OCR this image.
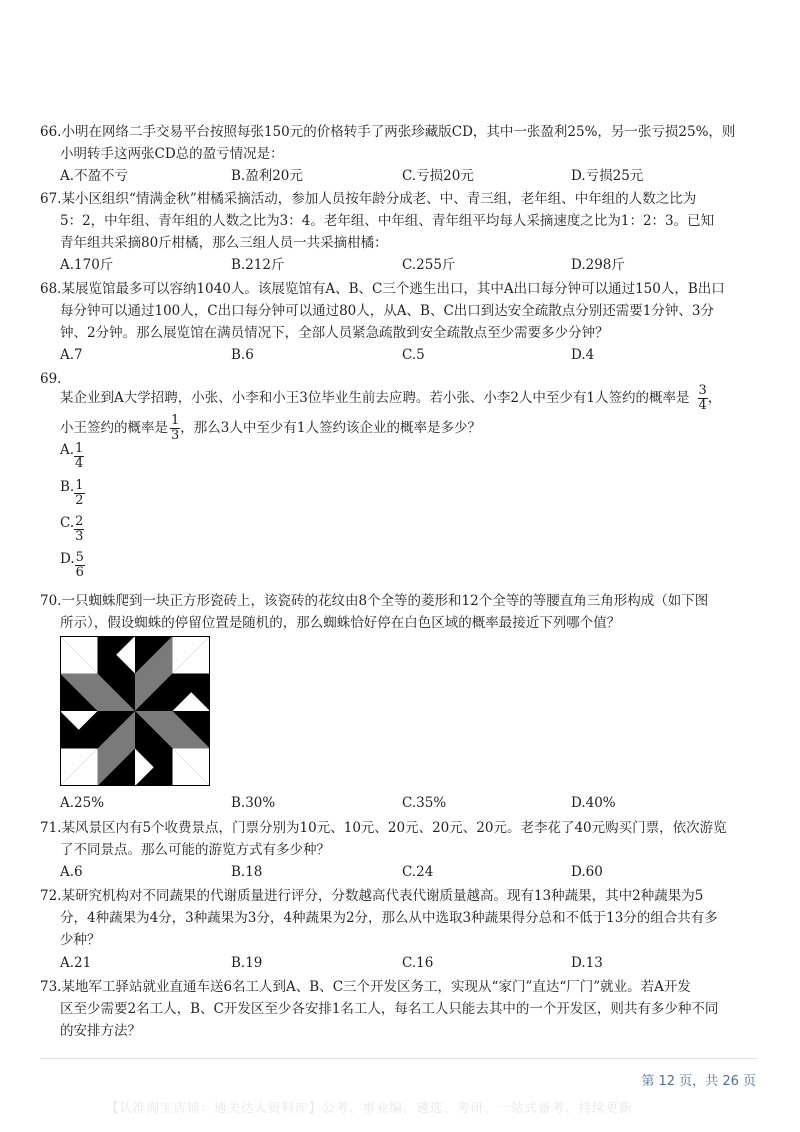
66.小明在网络二手交易平台按照每张150元的价格转手了两张珍藏版CD，其中一张盈利25%，另一张亏损25%，则
小明转手这两张CD总的盈亏情况是：
A.不盈不亏	B.盈利20元	C.亏损20元	D.亏损25元
67.某小区组织“情满金秋”柑橘采摘活动，参加人员按年龄分成老、中、青三组，老年组、中年组的人数之比为
5：2，中年组、青年组的人数之比为3：4。老年组、中年组、青年组平均每人采摘速度之比为1：2：3。已知
青年组共采摘80斤柑橘，那么三组人员一共采摘柑橘：
A.170斤	B.212斤	C.255斤	D.298斤
68.某展览馆最多可以容纳1040人。该展览馆有A、B、C三个逃生出口，其中A出口每分钟可以通过150人，B出口
每分钟可以通过100人，C出口每分钟可以通过80人，从A、B、C出口到达安全疏散点分别还需要1分钟、3分
钟、2分钟。那么展览馆在满员情况下，全部人员紧急疏散到安全疏散点至少需要多少分钟？
A.7	B.6	C.5	D.4
69.
某企业到A大学招聘，小张、小李和小王3位毕业生前去应聘。若小张、小李2人中至少有1人签约的概率是 $\frac{3}{4}$ ，
小王签约的概率是 $\frac{1}{3}$ ，那么3人中至少有1人签约该企业的概率是多少？
A. $\frac{1}{4}$
B. $\frac{1}{2}$
C. $\frac{2}{3}$
D. $\frac{5}{6}$
70.一只蜘蛛爬到一块正方形瓷砖上，该瓷砖的花纹由8个全等的菱形和12个全等的等腰直角三角形构成（如下图
所示），假设蜘蛛的停留位置是随机的，那么蜘蛛恰好停在白色区域的概率最接近下列哪个值？
A.25%	B.30%	C.35%	D.40%
71.某风景区内有5个收费景点，门票分别为10元、10元、20元、20元、20元。老李花了40元购买门票，依次游览
了不同景点。那么可能的游览方式有多少种？
A.6	B.18	C.24	D.60
72.某研究机构对不同蔬果的代谢质量进行评分，分数越高代表代谢质量越高。现有13种蔬果，其中2种蔬果为5
分，4种蔬果为4分，3种蔬果为3分，4种蔬果为2分，那么从中选取3种蔬果得分总和不低于13分的组合共有多
少种？
A.21	B.19	C.16	D.13
73.某地军工驿站就业直通车送6名工人到A、B、C三个开发区务工，实现从“家门”直达“厂门”就业。若A开发
区至少需要2名工人，B、C开发区至少各安排1名工人，每名工人只能去其中的一个开发区，则共有多少种不同
的安排方法？
第 12 页，共 26 页
【认准淘宝店铺：通关达人资料库】公考、事业编、遴选、考研、一站式备考、持续更新
